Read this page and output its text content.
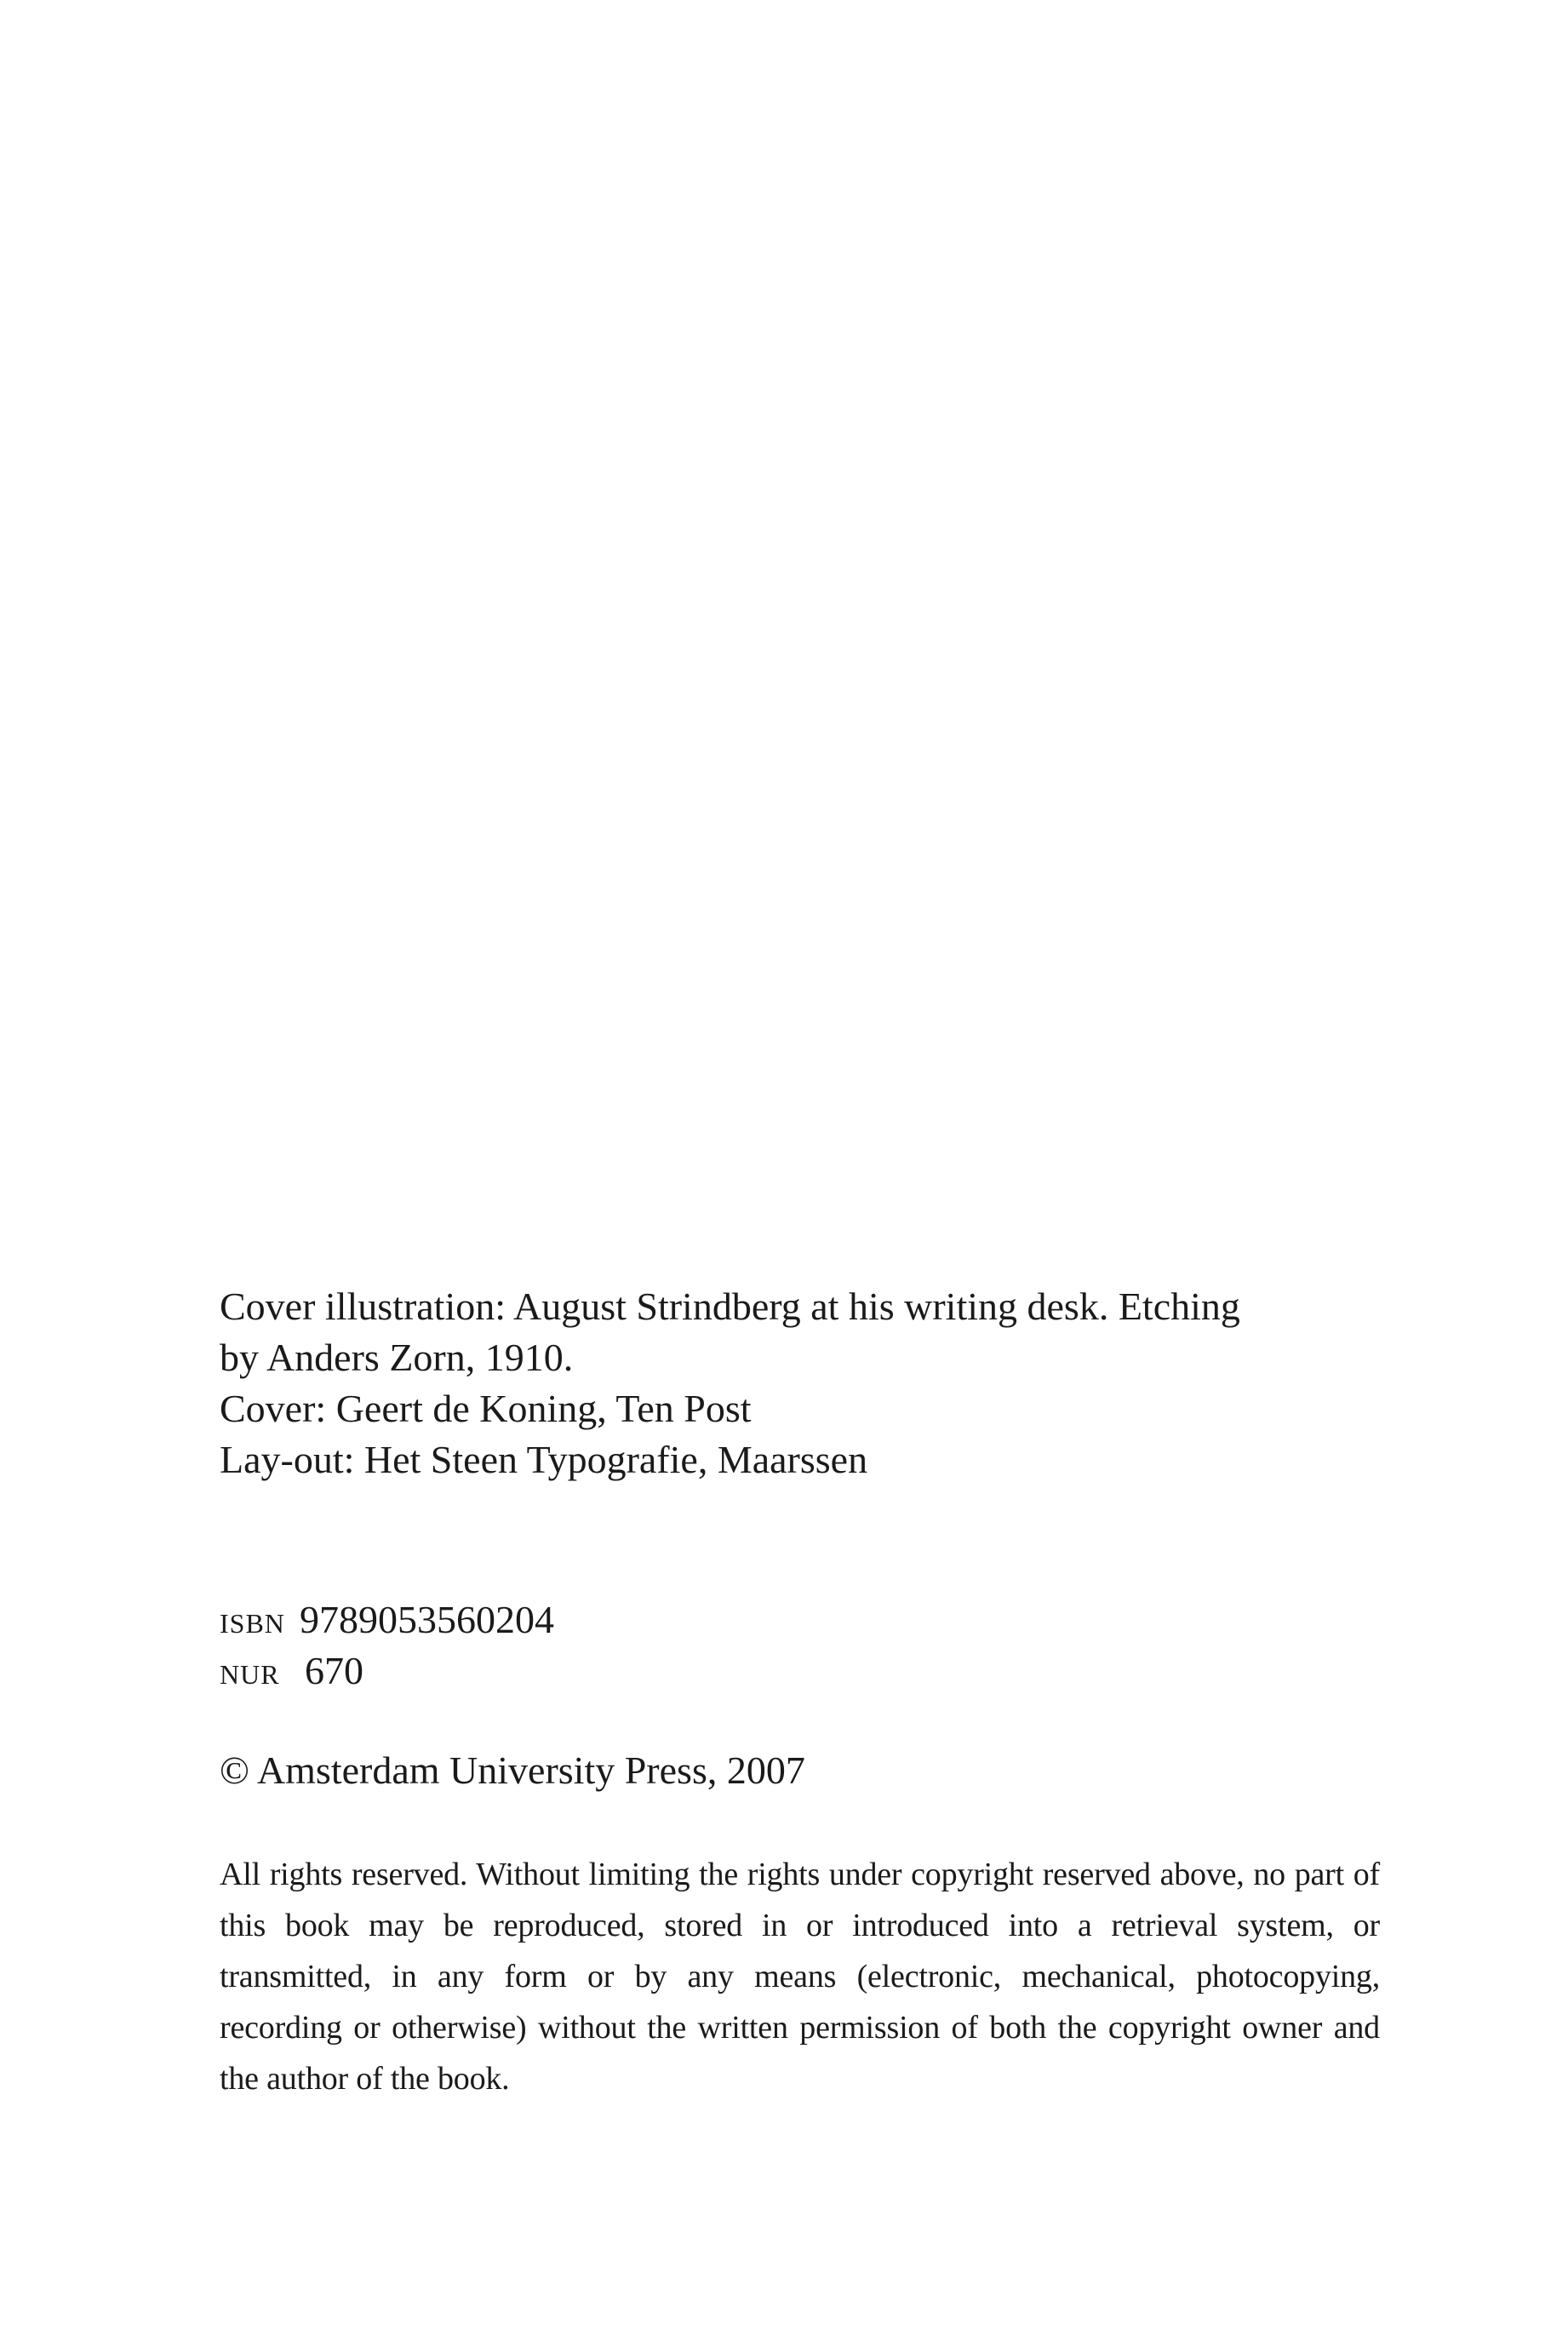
Cover illustration: August Strindberg at his writing desk. Etching

by Anders Zorn, 1910.

Cover: Geert de Koning, Ten Post

Lay-out: Het Steen Typografie, Maarssen

isbn 9789053560204

nur 670

© Amsterdam University Press, 2007

All rights reserved. Without limiting the rights under copyright reserved above, no part of this book may be reproduced, stored in or introduced into a retrieval system, or transmitted, in any form or by any means (electronic, mechanical, photocopying, recording or otherwise) without the written permission of both the copyright owner and the author of the book.
